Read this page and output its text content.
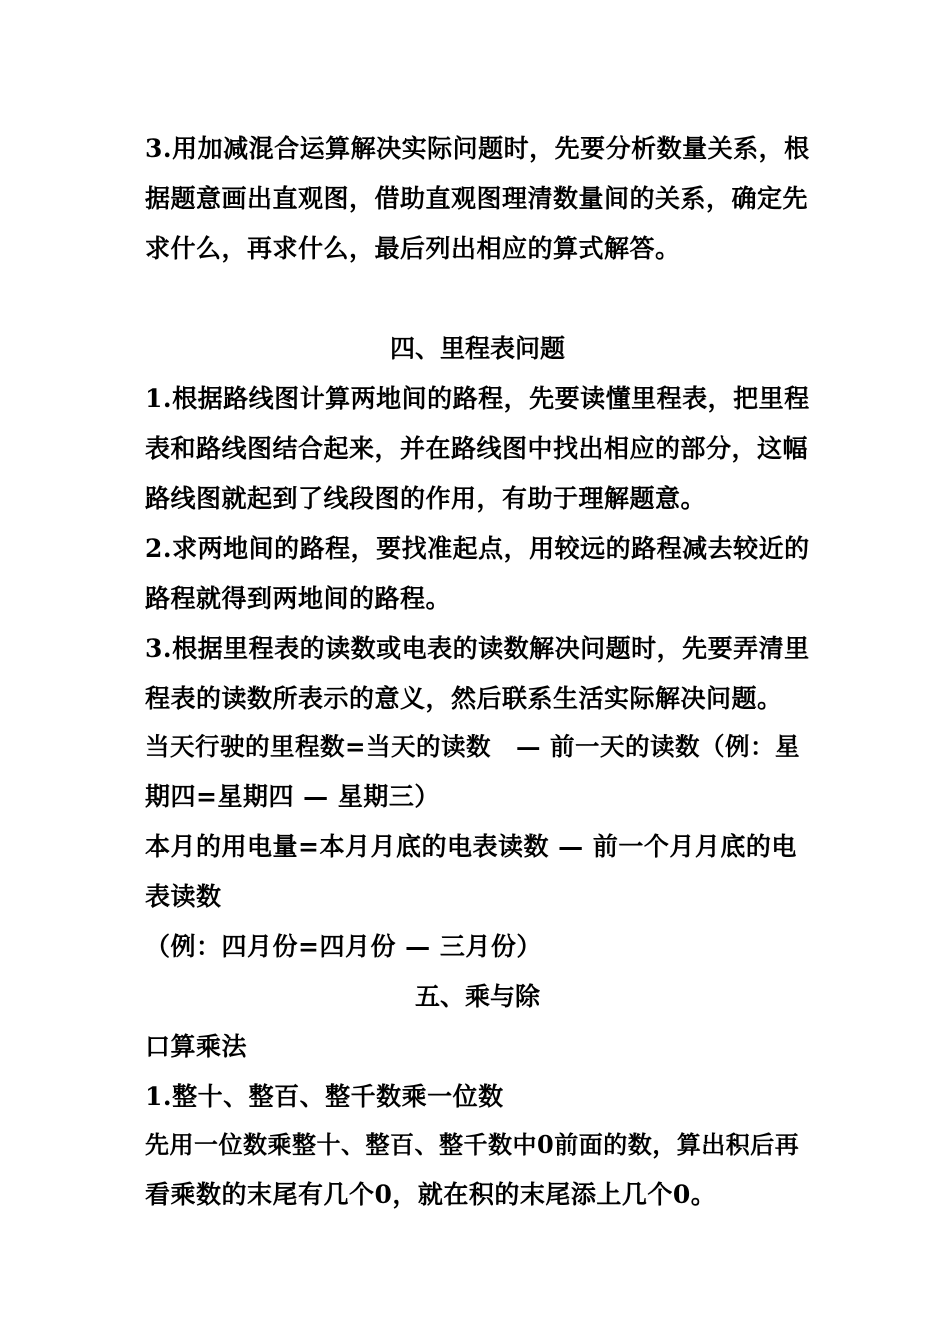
3.用加减混合运算解决实际问题时，先要分析数量关系，根
据题意画出直观图，借助直观图理清数量间的关系，确定先
求什么，再求什么，最后列出相应的算式解答。
四、里程表问题
1.根据路线图计算两地间的路程，先要读懂里程表，把里程
表和路线图结合起来，并在路线图中找出相应的部分，这幅
路线图就起到了线段图的作用，有助于理解题意。
2.求两地间的路程，要找准起点，用较远的路程减去较近的
路程就得到两地间的路程。
3.根据里程表的读数或电表的读数解决问题时，先要弄清里
程表的读数所表示的意义，然后联系生活实际解决问题。
当天行驶的里程数=当天的读数　— 前一天的读数（例：星
期四=星期四 — 星期三）
本月的用电量=本月月底的电表读数 — 前一个月月底的电
表读数
（例：四月份=四月份 — 三月份）
五、乘与除
口算乘法
1.整十、整百、整千数乘一位数
先用一位数乘整十、整百、整千数中0前面的数，算出积后再
看乘数的末尾有几个0，就在积的末尾添上几个0。
